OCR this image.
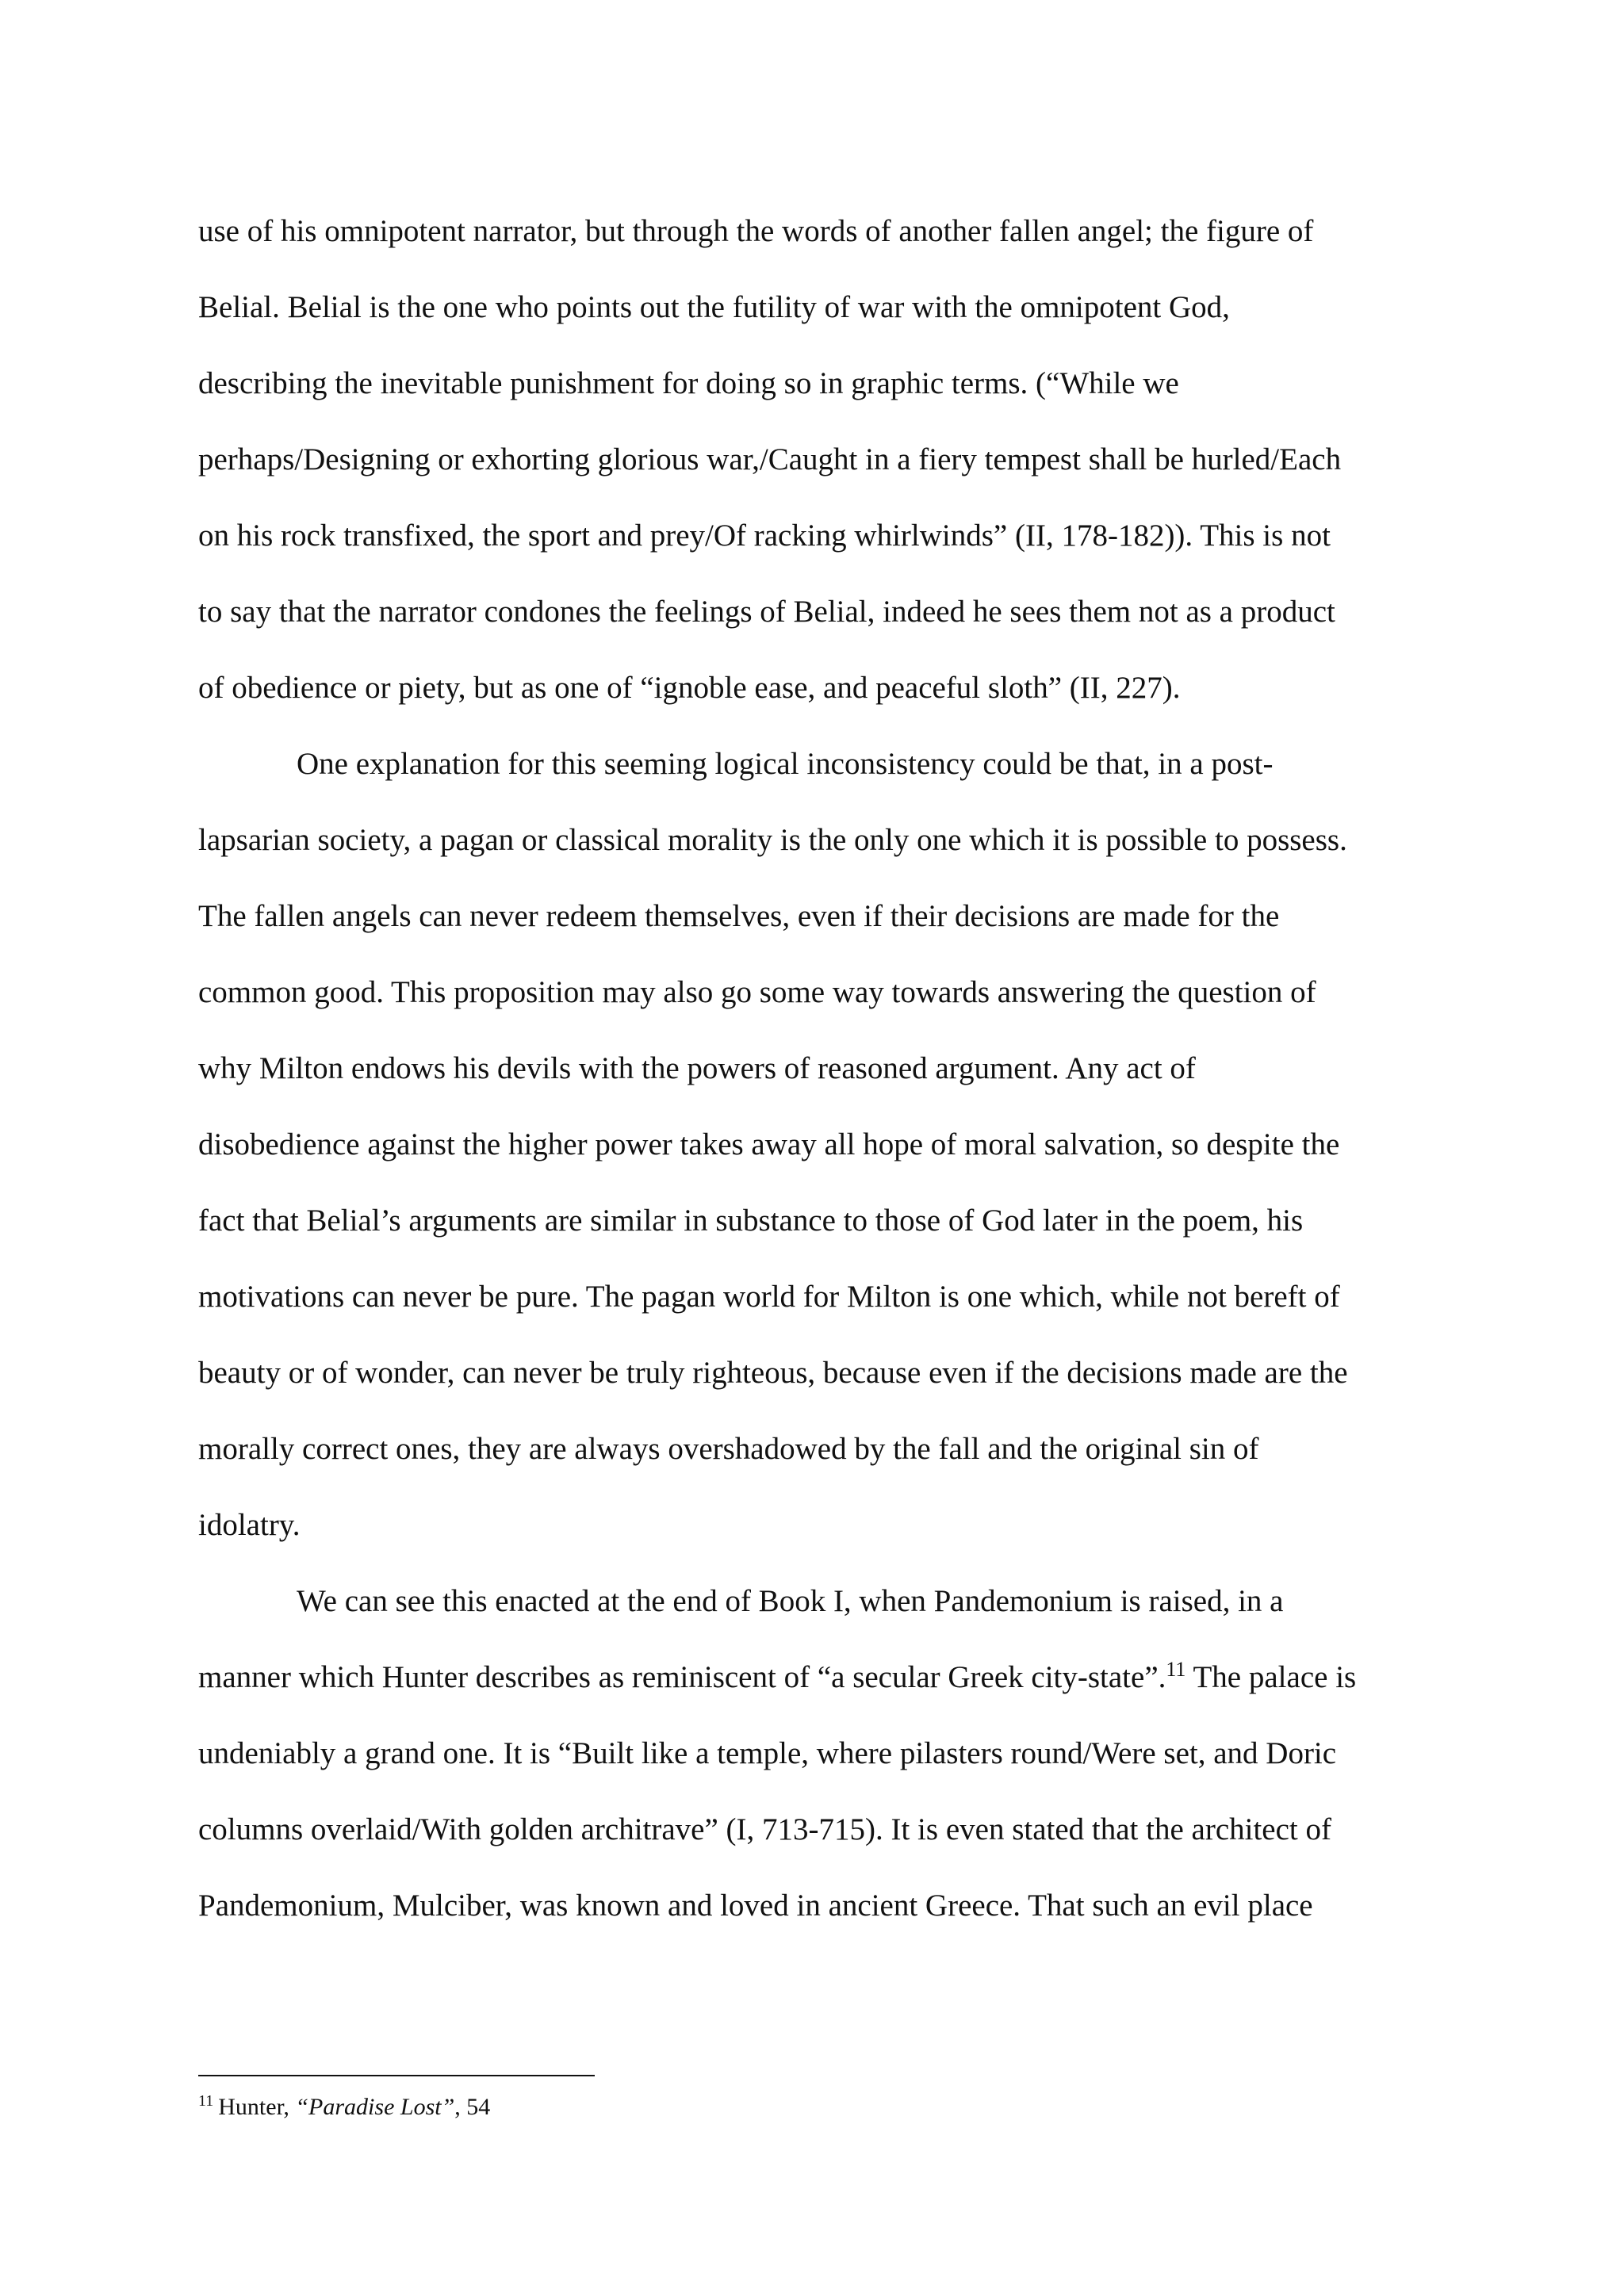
use of his omnipotent narrator, but through the words of another fallen angel; the figure of
Belial. Belial is the one who points out the futility of war with the omnipotent God,
describing the inevitable punishment for doing so in graphic terms. (“While we
perhaps/Designing or exhorting glorious war,/Caught in a fiery tempest shall be hurled/Each
on his rock transfixed, the sport and prey/Of racking whirlwinds” (II, 178-182)). This is not
to say that the narrator condones the feelings of Belial, indeed he sees them not as a product
of obedience or piety, but as one of “ignoble ease, and peaceful sloth” (II, 227).

One explanation for this seeming logical inconsistency could be that, in a post-
lapsarian society, a pagan or classical morality is the only one which it is possible to possess.
The fallen angels can never redeem themselves, even if their decisions are made for the
common good. This proposition may also go some way towards answering the question of
why Milton endows his devils with the powers of reasoned argument. Any act of
disobedience against the higher power takes away all hope of moral salvation, so despite the
fact that Belial’s arguments are similar in substance to those of God later in the poem, his
motivations can never be pure. The pagan world for Milton is one which, while not bereft of
beauty or of wonder, can never be truly righteous, because even if the decisions made are the
morally correct ones, they are always overshadowed by the fall and the original sin of
idolatry.

We can see this enacted at the end of Book I, when Pandemonium is raised, in a
manner which Hunter describes as reminiscent of “a secular Greek city-state”.$^{11}$ The palace is
undeniably a grand one. It is “Built like a temple, where pilasters round/Were set, and Doric
columns overlaid/With golden architrave” (I, 713-715). It is even stated that the architect of
Pandemonium, Mulciber, was known and loved in ancient Greece. That such an evil place

$^{11}$ Hunter, “Paradise Lost”, 54
